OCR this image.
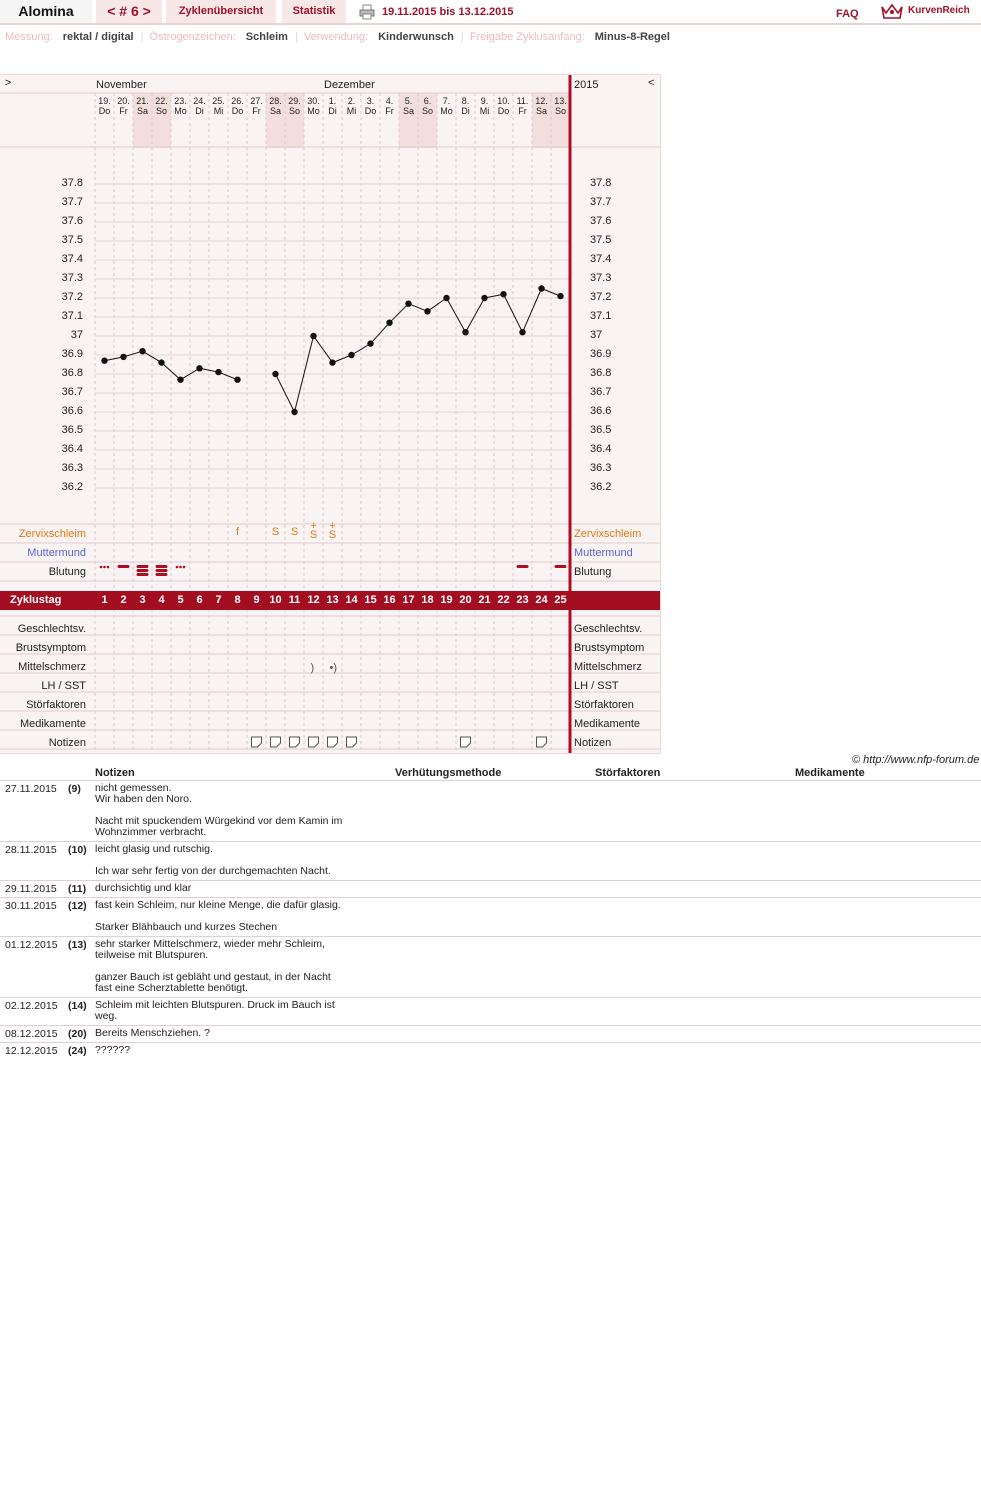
Alomina	< # 6 >	Zyklenübersicht	Statistik	19.11.2015 bis 13.12.2015	FAQ	KurvenReich
Messung: rektal / digital | Östrogenzeichen: Schleim | Verwendung: Kinderwunsch | Freigabe Zyklusanfang: Minus-8-Regel
) •)
>	<
2015
November	Dezember
19.
Do
20.
Fr
21.
Sa
22.
So
23.
Mo
24.
Di
25.
Mi
26.
Do
27.
Fr
28.
Sa
29.
So
30.
Mo
1.
Di
2.
Mi
3.
Do
4.
Fr
5.
Sa
6.
So
7.
Mo
8.
Di
9.
Mi
10.
Do
11.
Fr
12.
Sa
13.
So
37.8	37.8
37.7	37.7
37.6	37.6
37.5	37.5
37.4	37.4
37.3	37.3
37.2	37.2
37.1	37.1
37	37
36.9	36.9
36.8	36.8
36.7	36.7
36.6	36.6
36.5	36.5
36.4	36.4
36.3	36.3
36.2	36.2
Zervixschleim	Zervixschleim
Muttermund	Muttermund
Blutung	Blutung
f	S	S	+
S
+
S
Zyklustag	1	2	3	4	5	6	7	8	9 10 11 12 13 14 15 16 17 18 19 20 21 22 23 24 25
Geschlechtsv.	Geschlechtsv.
Brustsymptom	Brustsymptom
Mittelschmerz	Mittelschmerz
LH / SST	LH / SST
Störfaktoren	Störfaktoren
Medikamente	Medikamente
Notizen	Notizen
© http://www.nfp-forum.de
Notizen	Verhütungsmethode	Störfaktoren	Medikamente
27.11.2015 (9) nicht gemessen.
Wir haben den Noro.

Nacht mit spuckendem Würgekind vor dem Kamin im
Wohnzimmer verbracht.
28.11.2015 (10) leicht glasig und rutschig.

Ich war sehr fertig von der durchgemachten Nacht.
29.11.2015 (11) durchsichtig und klar
30.11.2015 (12) fast kein Schleim, nur kleine Menge, die dafür glasig.

Starker Blähbauch und kurzes Stechen
01.12.2015 (13) sehr starker Mittelschmerz, wieder mehr Schleim,
teilweise mit Blutspuren.

ganzer Bauch ist gebläht und gestaut, in der Nacht
fast eine Scherztablette benötigt.
02.12.2015 (14) Schleim mit leichten Blutspuren. Druck im Bauch ist
weg.
08.12.2015 (20) Bereits Menschziehen. ?
12.12.2015 (24) ??????
